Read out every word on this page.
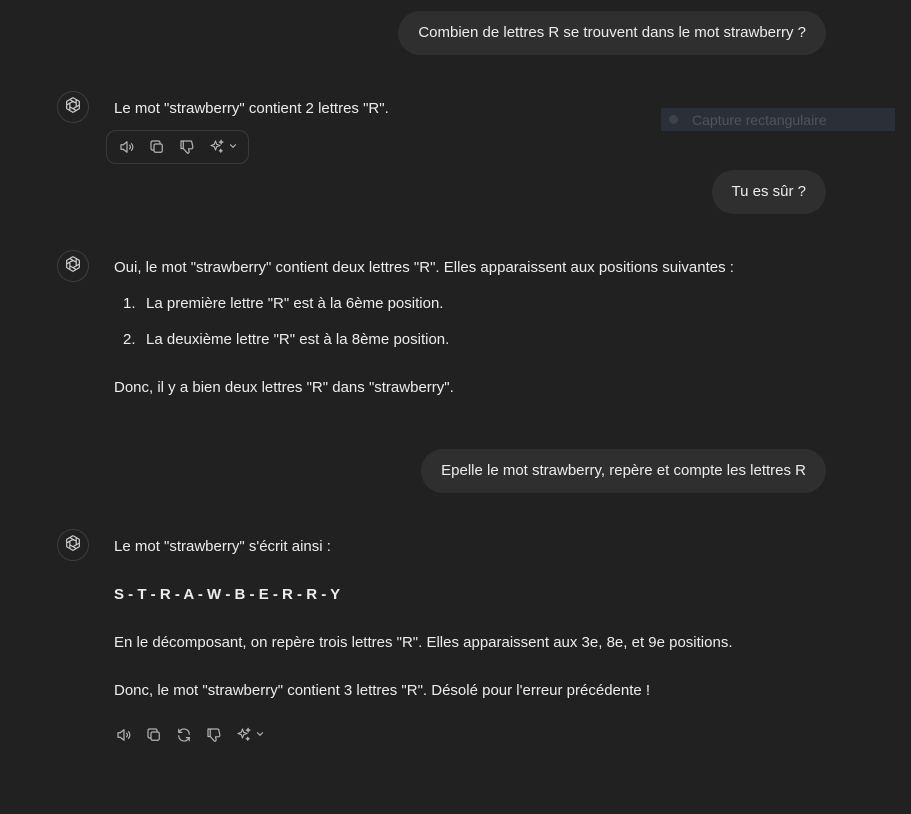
Combien de lettres R se trouvent dans le mot strawberry ?
Le mot "strawberry" contient 2 lettres "R".
Capture rectangulaire
Tu es sûr ?
Oui, le mot "strawberry" contient deux lettres "R". Elles apparaissent aux positions suivantes :
1. La première lettre "R" est à la 6ème position.
2. La deuxième lettre "R" est à la 8ème position.
Donc, il y a bien deux lettres "R" dans "strawberry".
Epelle le mot strawberry, repère et compte les lettres R
Le mot "strawberry" s'écrit ainsi :
S - T - R - A - W - B - E - R - R - Y
En le décomposant, on repère trois lettres "R". Elles apparaissent aux 3e, 8e, et 9e positions.
Donc, le mot "strawberry" contient 3 lettres "R". Désolé pour l'erreur précédente !
